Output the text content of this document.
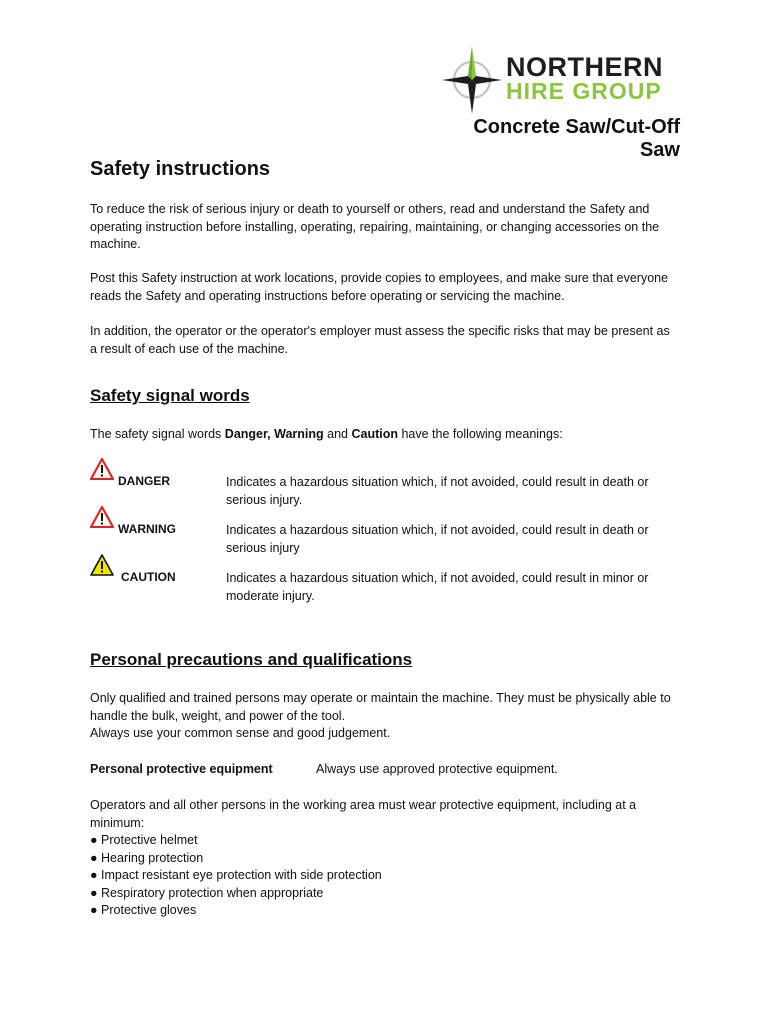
NORTHERN
HIRE GROUP
Concrete Saw/Cut-Off Saw
Safety instructions

To reduce the risk of serious injury or death to yourself or others, read and understand the Safety and operating instruction before installing, operating, repairing, maintaining, or changing accessories on the machine.

Post this Safety instruction at work locations, provide copies to employees, and make sure that everyone reads the Safety and operating instructions before operating or servicing the machine.

In addition, the operator or the operator's employer must assess the specific risks that may be present as a result of each use of the machine.

Safety signal words

The safety signal words Danger, Warning and Caution have the following meanings:

DANGER	Indicates a hazardous situation which, if not avoided, could result in death or serious injury.
WARNING	Indicates a hazardous situation which, if not avoided, could result in death or serious injury
CAUTION	Indicates a hazardous situation which, if not avoided, could result in minor or moderate injury.
Personal precautions and qualifications

Only qualified and trained persons may operate or maintain the machine. They must be physically able to handle the bulk, weight, and power of the tool.

Always use your common sense and good judgement.

Personal protective equipment	Always use approved protective equipment.

Operators and all other persons in the working area must wear protective equipment, including at a minimum:

● Protective helmet
● Hearing protection
● Impact resistant eye protection with side protection
● Respiratory protection when appropriate
● Protective gloves
